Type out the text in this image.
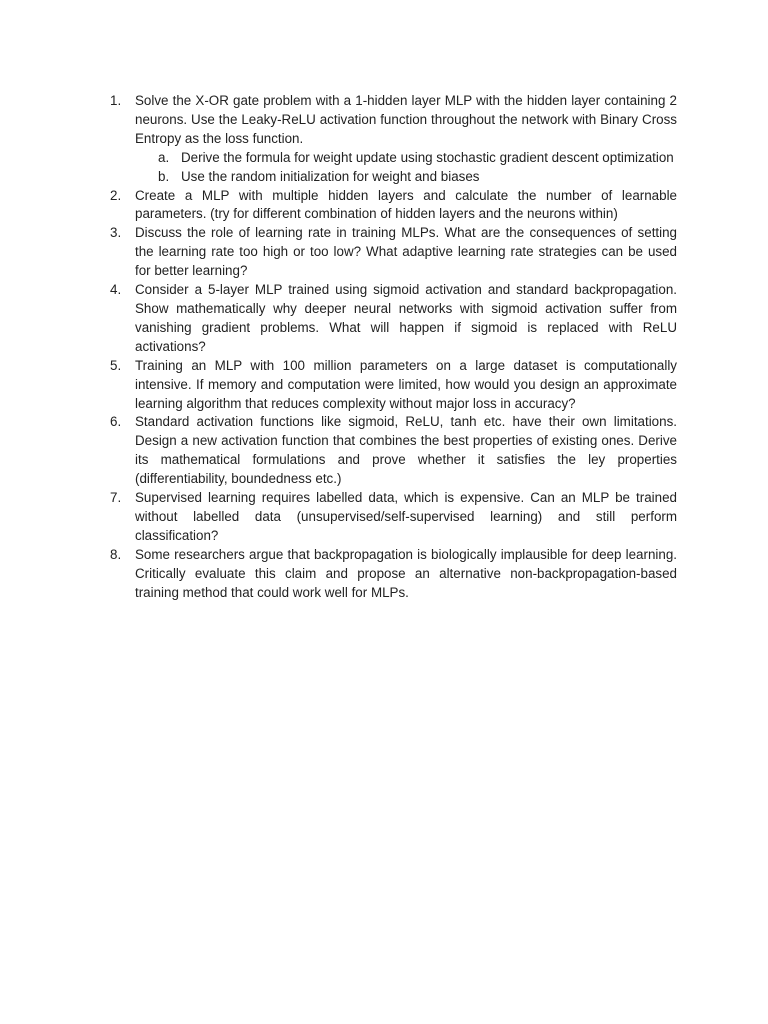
1.	Solve the X-OR gate problem with a 1-hidden layer MLP with the hidden layer containing 2 neurons. Use the Leaky-ReLU activation function throughout the network with Binary Cross Entropy as the loss function.
a. Derive the formula for weight update using stochastic gradient descent optimization
b. Use the random initialization for weight and biases
2.	Create a MLP with multiple hidden layers and calculate the number of learnable parameters. (try for different combination of hidden layers and the neurons within)
3.	Discuss the role of learning rate in training MLPs. What are the consequences of setting the learning rate too high or too low? What adaptive learning rate strategies can be used for better learning?
4.	Consider a 5-layer MLP trained using sigmoid activation and standard backpropagation. Show mathematically why deeper neural networks with sigmoid activation suffer from vanishing gradient problems. What will happen if sigmoid is replaced with ReLU activations?
5.	Training an MLP with 100 million parameters on a large dataset is computationally intensive. If memory and computation were limited, how would you design an approximate learning algorithm that reduces complexity without major loss in accuracy?
6.	Standard activation functions like sigmoid, ReLU, tanh etc. have their own limitations. Design a new activation function that combines the best properties of existing ones. Derive its mathematical formulations and prove whether it satisfies the ley properties (differentiability, boundedness etc.)
7.	Supervised learning requires labelled data, which is expensive. Can an MLP be trained without labelled data (unsupervised/self-supervised learning) and still perform classification?
8.	Some researchers argue that backpropagation is biologically implausible for deep learning. Critically evaluate this claim and propose an alternative non-backpropagation-based training method that could work well for MLPs.
